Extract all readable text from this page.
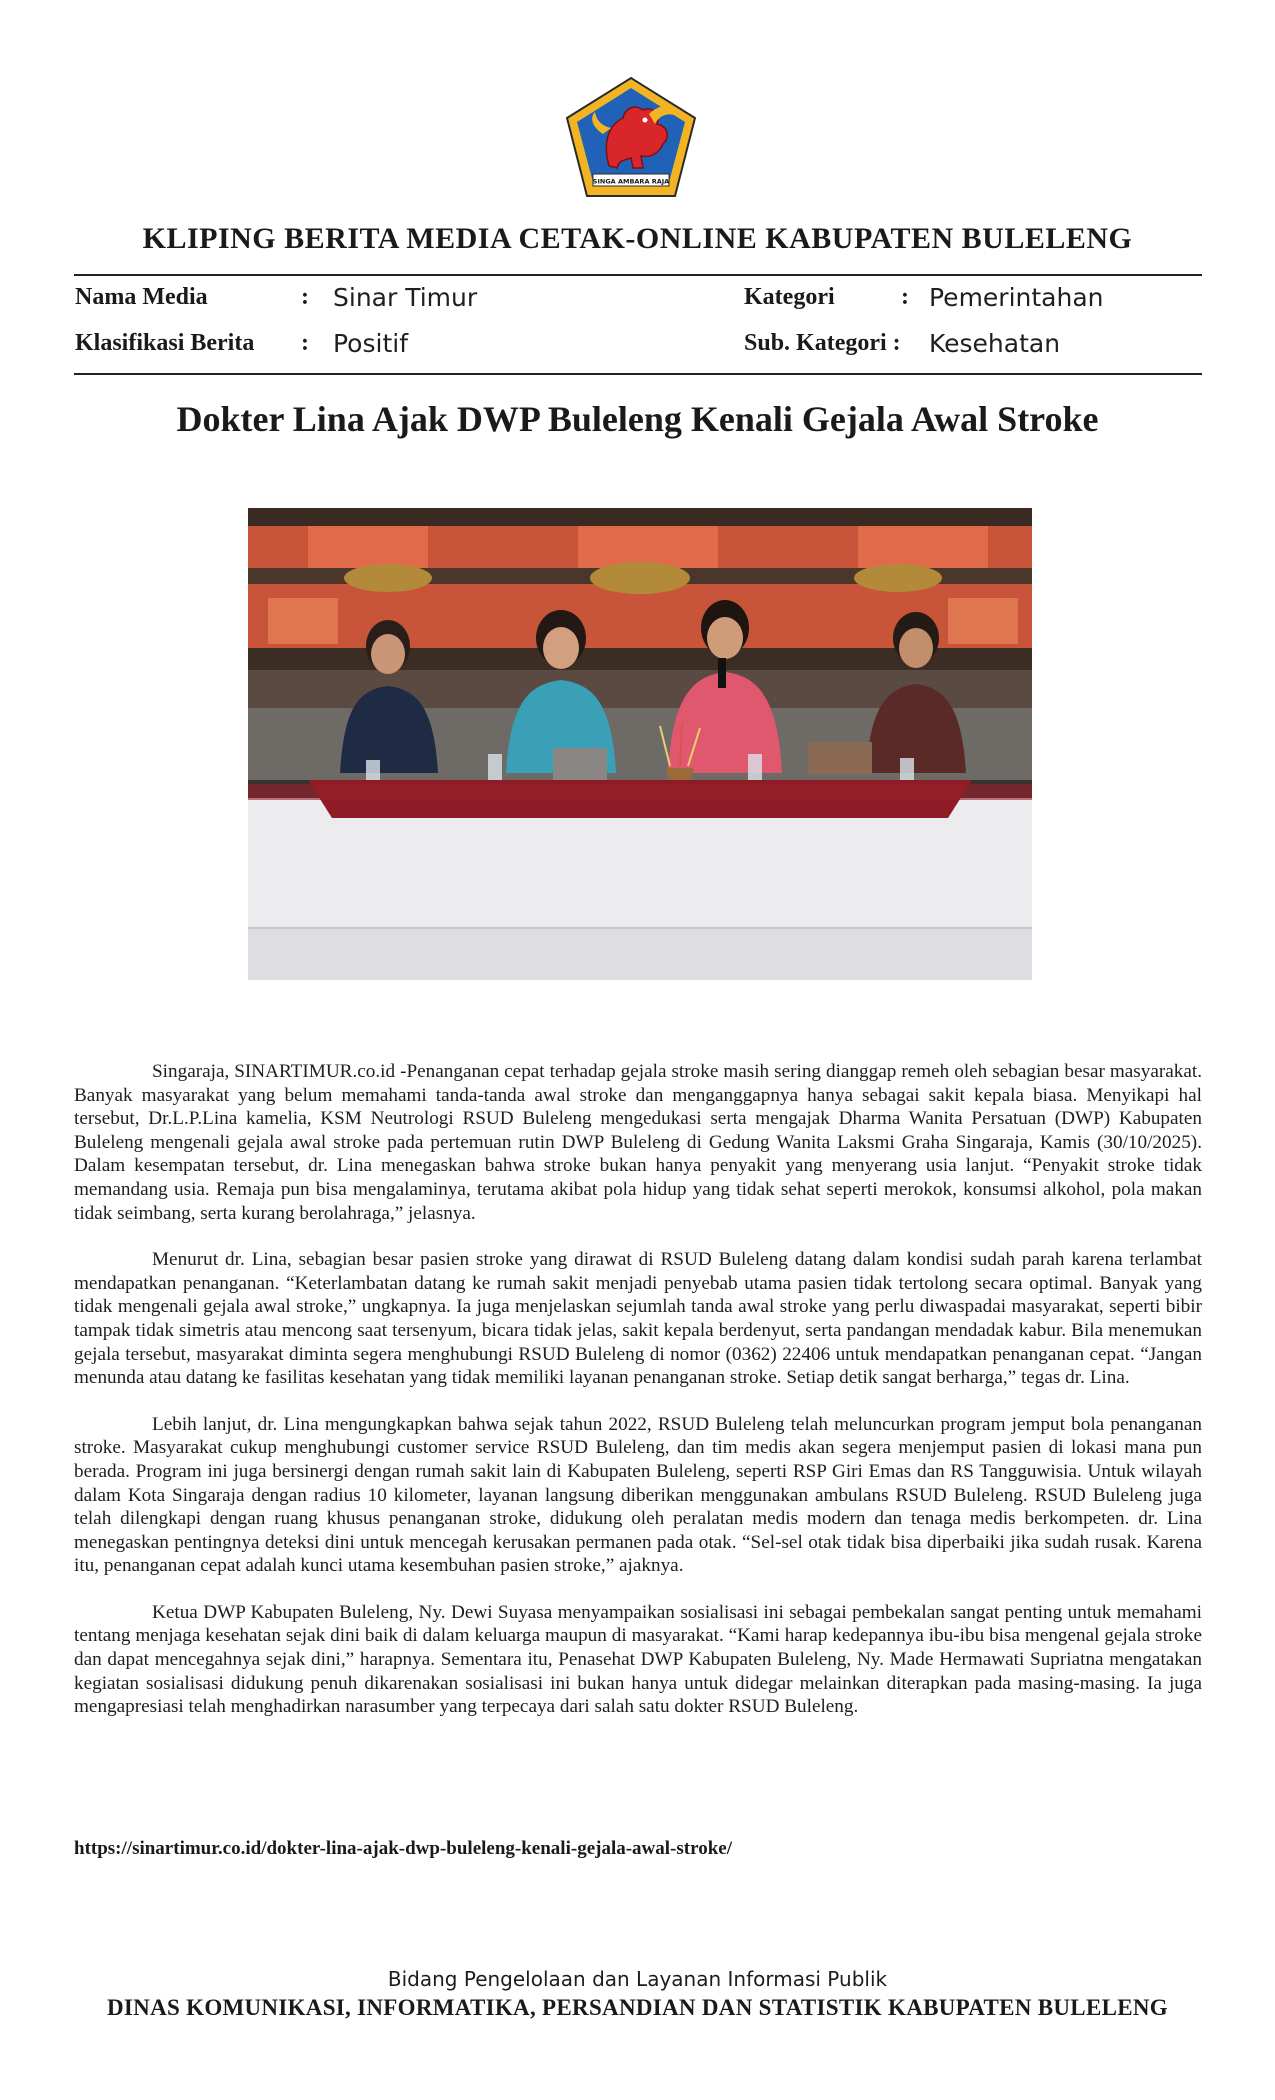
SINGA AMBARA RAJA
KLIPING BERITA MEDIA CETAK-ONLINE KABUPATEN BULELENG
Nama Media	: Sinar Timur	Kategori	: Pemerintahan
Klasifikasi Berita : Positif	Sub. Kategori : Kesehatan
Dokter Lina Ajak DWP Buleleng Kenali Gejala Awal Stroke

Singaraja, SINARTIMUR.co.id -Penanganan cepat terhadap gejala stroke masih sering dianggap remeh oleh sebagian besar masyarakat. Banyak masyarakat yang belum memahami tanda-tanda awal stroke dan menganggapnya hanya sebagai sakit kepala biasa. Menyikapi hal tersebut, Dr.L.P.Lina kamelia, KSM Neutrologi RSUD Buleleng mengedukasi serta mengajak Dharma Wanita Persatuan (DWP) Kabupaten Buleleng mengenali gejala awal stroke pada pertemuan rutin DWP Buleleng di Gedung Wanita Laksmi Graha Singaraja, Kamis (30/10/2025). Dalam kesempatan tersebut, dr. Lina menegaskan bahwa stroke bukan hanya penyakit yang menyerang usia lanjut. “Penyakit stroke tidak memandang usia. Remaja pun bisa mengalaminya, terutama akibat pola hidup yang tidak sehat seperti merokok, konsumsi alkohol, pola makan tidak seimbang, serta kurang berolahraga,” jelasnya.

Menurut dr. Lina, sebagian besar pasien stroke yang dirawat di RSUD Buleleng datang dalam kondisi sudah parah karena terlambat mendapatkan penanganan. “Keterlambatan datang ke rumah sakit menjadi penyebab utama pasien tidak tertolong secara optimal. Banyak yang tidak mengenali gejala awal stroke,” ungkapnya. Ia juga menjelaskan sejumlah tanda awal stroke yang perlu diwaspadai masyarakat, seperti bibir tampak tidak simetris atau mencong saat tersenyum, bicara tidak jelas, sakit kepala berdenyut, serta pandangan mendadak kabur. Bila menemukan gejala tersebut, masyarakat diminta segera menghubungi RSUD Buleleng di nomor (0362) 22406 untuk mendapatkan penanganan cepat. “Jangan menunda atau datang ke fasilitas kesehatan yang tidak memiliki layanan penanganan stroke. Setiap detik sangat berharga,” tegas dr. Lina.

Lebih lanjut, dr. Lina mengungkapkan bahwa sejak tahun 2022, RSUD Buleleng telah meluncurkan program jemput bola penanganan stroke. Masyarakat cukup menghubungi customer service RSUD Buleleng, dan tim medis akan segera menjemput pasien di lokasi mana pun berada. Program ini juga bersinergi dengan rumah sakit lain di Kabupaten Buleleng, seperti RSP Giri Emas dan RS Tangguwisia. Untuk wilayah dalam Kota Singaraja dengan radius 10 kilometer, layanan langsung diberikan menggunakan ambulans RSUD Buleleng. RSUD Buleleng juga telah dilengkapi dengan ruang khusus penanganan stroke, didukung oleh peralatan medis modern dan tenaga medis berkompeten. dr. Lina menegaskan pentingnya deteksi dini untuk mencegah kerusakan permanen pada otak. “Sel-sel otak tidak bisa diperbaiki jika sudah rusak. Karena itu, penanganan cepat adalah kunci utama kesembuhan pasien stroke,” ajaknya.

Ketua DWP Kabupaten Buleleng, Ny. Dewi Suyasa menyampaikan sosialisasi ini sebagai pembekalan sangat penting untuk memahami tentang menjaga kesehatan sejak dini baik di dalam keluarga maupun di masyarakat. “Kami harap kedepannya ibu-ibu bisa mengenal gejala stroke dan dapat mencegahnya sejak dini,” harapnya. Sementara itu, Penasehat DWP Kabupaten Buleleng, Ny. Made Hermawati Supriatna mengatakan kegiatan sosialisasi didukung penuh dikarenakan sosialisasi ini bukan hanya untuk didegar melainkan diterapkan pada masing-masing. Ia juga mengapresiasi telah menghadirkan narasumber yang terpecaya dari salah satu dokter RSUD Buleleng.

https://sinartimur.co.id/dokter-lina-ajak-dwp-buleleng-kenali-gejala-awal-stroke/
Bidang Pengelolaan dan Layanan Informasi Publik
DINAS KOMUNIKASI, INFORMATIKA, PERSANDIAN DAN STATISTIK KABUPATEN BULELENG
